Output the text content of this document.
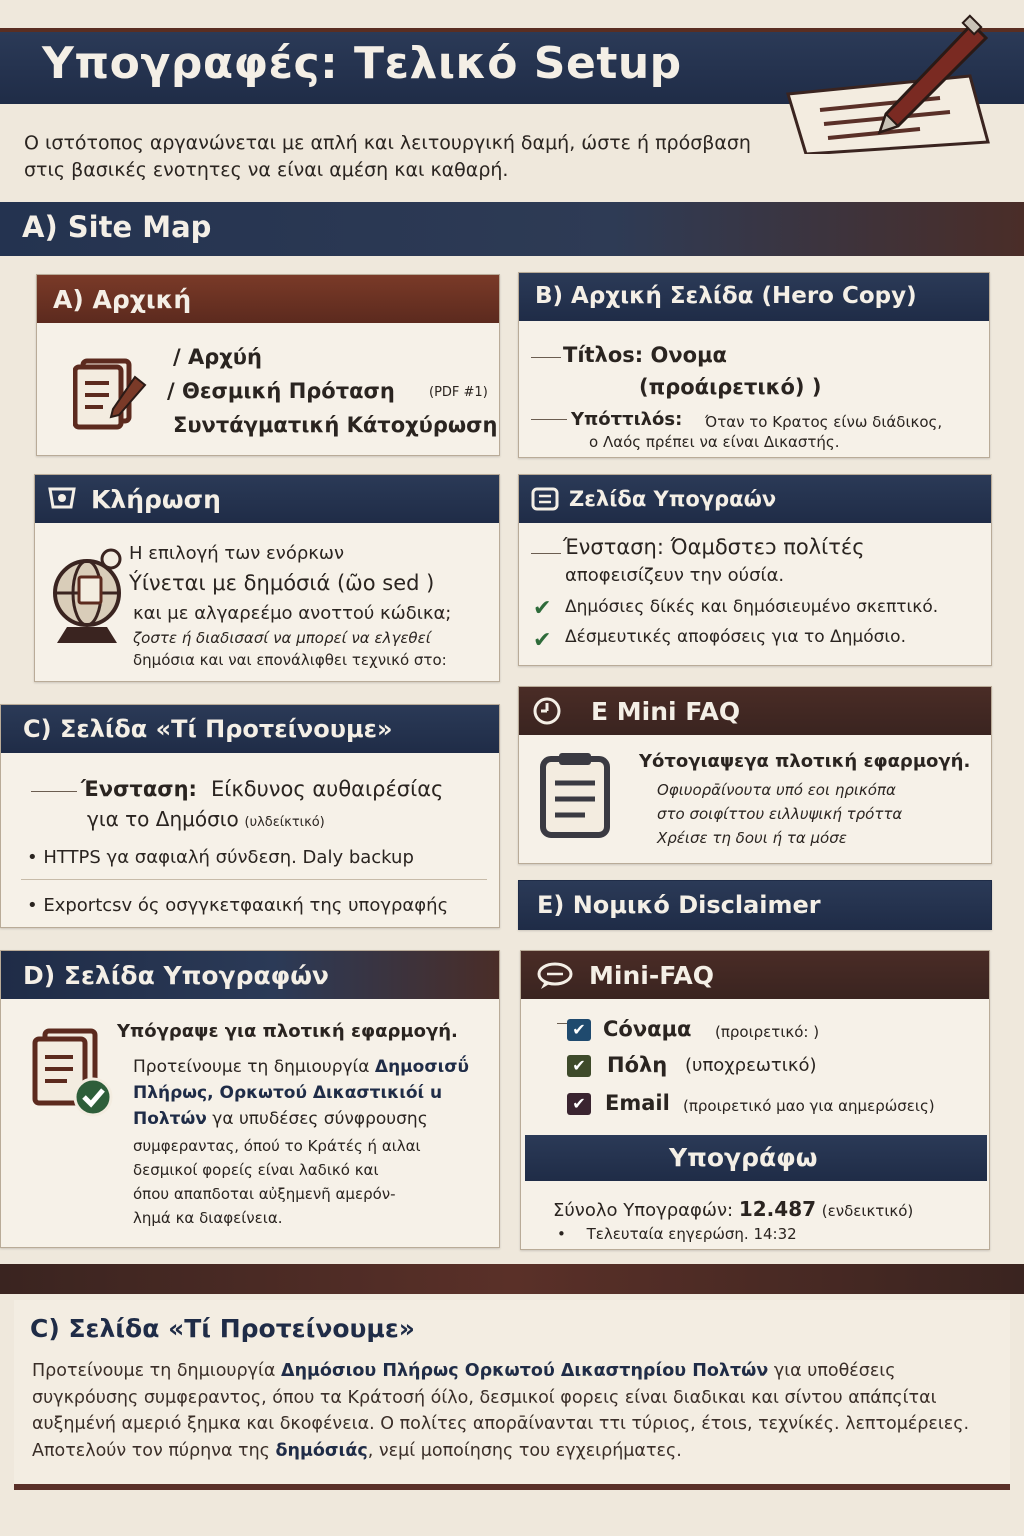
Υπογραφές: Τελικό Setup
Ο ιστότοπος αργανώνεται με απλή και λειτουργική δαμή, ώστε ή πρόσβαση στις βασικές ενοτητες να είναι αμέση και καθαρή.
A) Site Map
A) Αρχική
/ Αρχύή
/ Θεσμική Πρόταση	(PDF #1)
Συντάγματική Κάτοχύρωση
B) Αρχική Σελίδα (Hero Copy)
Títλos: Ονομα
(προάιρετικό) )
Υπόττιλόs: Όταν το Κρατος είνω διάδικος,
ο Λαός πρέπει να είναι Δικαστής.
Κλήρωση
Η επιλογή των ενόρκων
Ýίνεται με δημόσιά (ῶο sed )
και με αλγαρεέμο ανοττού κώδικα;
ζοστε ή διαδισασί να μπορεί να ελγεθεί
δημόσια και ναι επονάλιφθει τεχνικό στο:
Ζελίδα Υπογραών
Ένσταση: Όαμδστεɔ πολίτές
αποφεισίζευν την ούσία.
✔ Δημόσιες δίκές και δημόσιευμένο σκεπτικό.
✔ Δέσμευτικές αποφόσεις για το Δημόσιο.
C) Σελίδα «Τί Προτείνουμε»
Ένσταση: Είκδυνος αυθαιρέσίας
για το Δημόσιο (υλδείκτικό)
• HTTPS γα σαφιαλή σύνδεση. Daly backup
• Exportcsv ός οσγγκετφααική της υπογραφής
E Mini FAQ
Υότογιαψεγα πλοτική εφαρμογή.
Οφιυορᾱίνουτα υπό εοι ηρικόπα
στο σοιφίττου ειλλυψική τρόττα
Χρέισε τη δουι ή τα μόσε
E) Νομικό Disclaimer
D) Σελίδα Υπογραφών
Υπόγραψε για πλοτική εφαρμογή.
Προτείνουμε τη δημιουργία Δημοσισΰ
Πλήρως, Ορκωτού Δικαστικιόί u
Πολτών γα υπυδέσες σύνφρουσης
συμφεραντας, όπού το Κράτές ή αιλαι
δεσμικοί φορείς είναι λαδικό και
όπου απαπδοται αὐξημενῆ αμερόν-
λημά κα διαφείνεια.
Mini-FAQ
✔ Cόναμα (προιρετικό: )
✔ Πόλη (υποχρεωτικό)
✔ Email (προιρετικό μαο για αημερώσεις)
Υπογράφω
Σύνολο Υπογραφών: 12.487 (ενδεικτικό)
• Τελευταία εηγερώση. 14:32
C) Σελίδα «Τί Προτείνουμε»
Προτείνουμε τη δημιουργία Δημόσιου Πλήρως Ορκωτού Δικαστηρίου Πολτών για υποθέσεις συγκρόυσης συμφεραντος, όπου τα Κράτοσή όίλο, δεσμικοί φορεις είναι διαδικαι και σίντου απάπςίται αυξημένή αμεριό ξημκα και δκοφένεια. Ο πολίτες απορᾱίνανται ττι τύριος, έτοιs, τεχνίκές. λεπτομέρειες. Αποτελούν τον πύρηνα της δημόσιάς, νεμί μοποίησης του εγχειρήματες.
